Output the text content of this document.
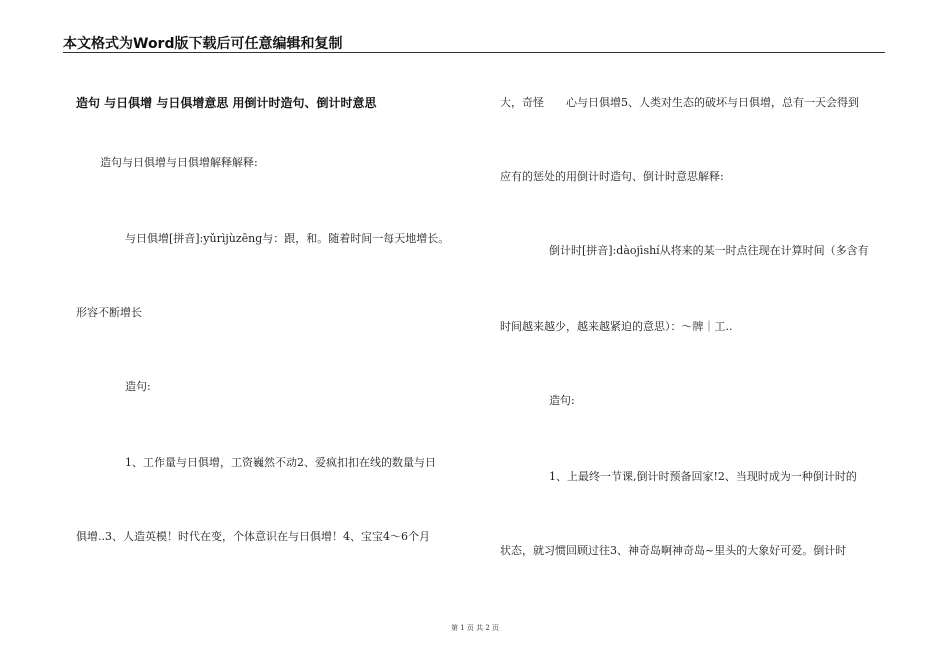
本文格式为Word版下载后可任意编辑和复制
造句 与日俱增 与日俱增意思 用倒计时造句、倒计时意思
造句与日俱增与日俱增解释解释:
与日俱增[拼音]:yǔrìjùzēng与：跟，和。随着时间一每天地增长。
形容不断增长
造句:
1、工作量与日俱增，工资巍然不动2、爱疯扣扣在线的数量与日
俱增..3、人造英模！时代在变，个体意识在与日俱增！4、宝宝4～6个月
大，奇怪　　心与日俱增5、人类对生态的破坏与日俱增，总有一天会得到
应有的惩处的用倒计时造句、倒计时意思解释:
倒计时[拼音]:dàojìshí从将来的某一时点往现在计算时间（多含有
时间越来越少，越来越紧迫的意思）：～牌｜工..
造句:
1、上最终一节课,倒计时预备回家!2、当现时成为一种倒计时的
状态，就习惯回顾过往3、神奇岛啊神奇岛~里头的大象好可爱。倒计时
第 1 页 共 2 页
